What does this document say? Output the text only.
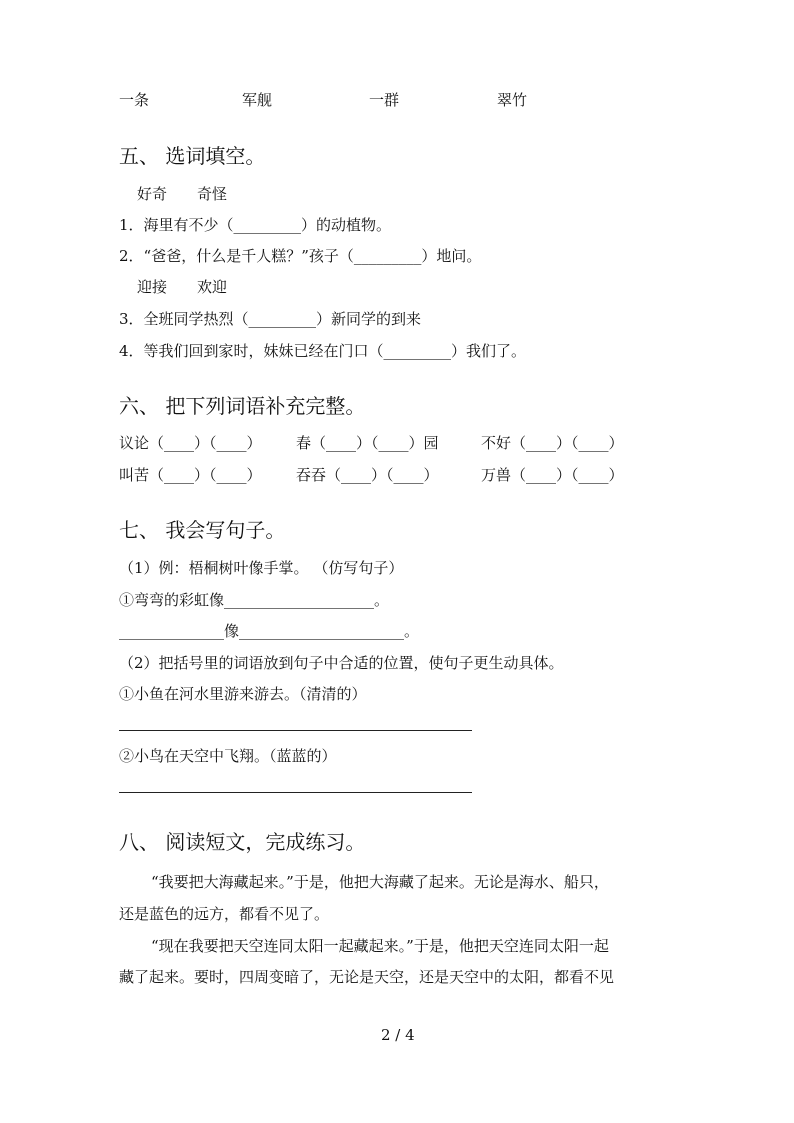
一条	军舰	一群	翠竹
五、 选词填空。
好奇　　奇怪
1．海里有不少（_________）的动植物。
2．“爸爸，什么是千人糕？”孩子（_________）地问。
迎接　　欢迎
3．全班同学热烈（_________）新同学的到来
4．等我们回到家时，妹妹已经在门口（_________）我们了。
六、 把下列词语补充完整。
议论（____）（____） 春（____）（____）园	不好（____）（____）
叫苦（____）（____） 吞吞（____）（____）	万兽（____）（____）
七、 我会写句子。
（1）例：梧桐树叶像手掌。 （仿写句子）
①弯弯的彩虹像____________________。
______________像______________________。
（2）把括号里的词语放到句子中合适的位置，使句子更生动具体。
①小鱼在河水里游来游去。（清清的）
②小鸟在天空中飞翔。（蓝蓝的）
八、 阅读短文，完成练习。
“我要把大海藏起来。”于是，他把大海藏了起来。无论是海水、船只，
还是蓝色的远方，都看不见了。
“现在我要把天空连同太阳一起藏起来。”于是，他把天空连同太阳一起
藏了起来。要时，四周变暗了，无论是天空，还是天空中的太阳，都看不见
2 / 4
